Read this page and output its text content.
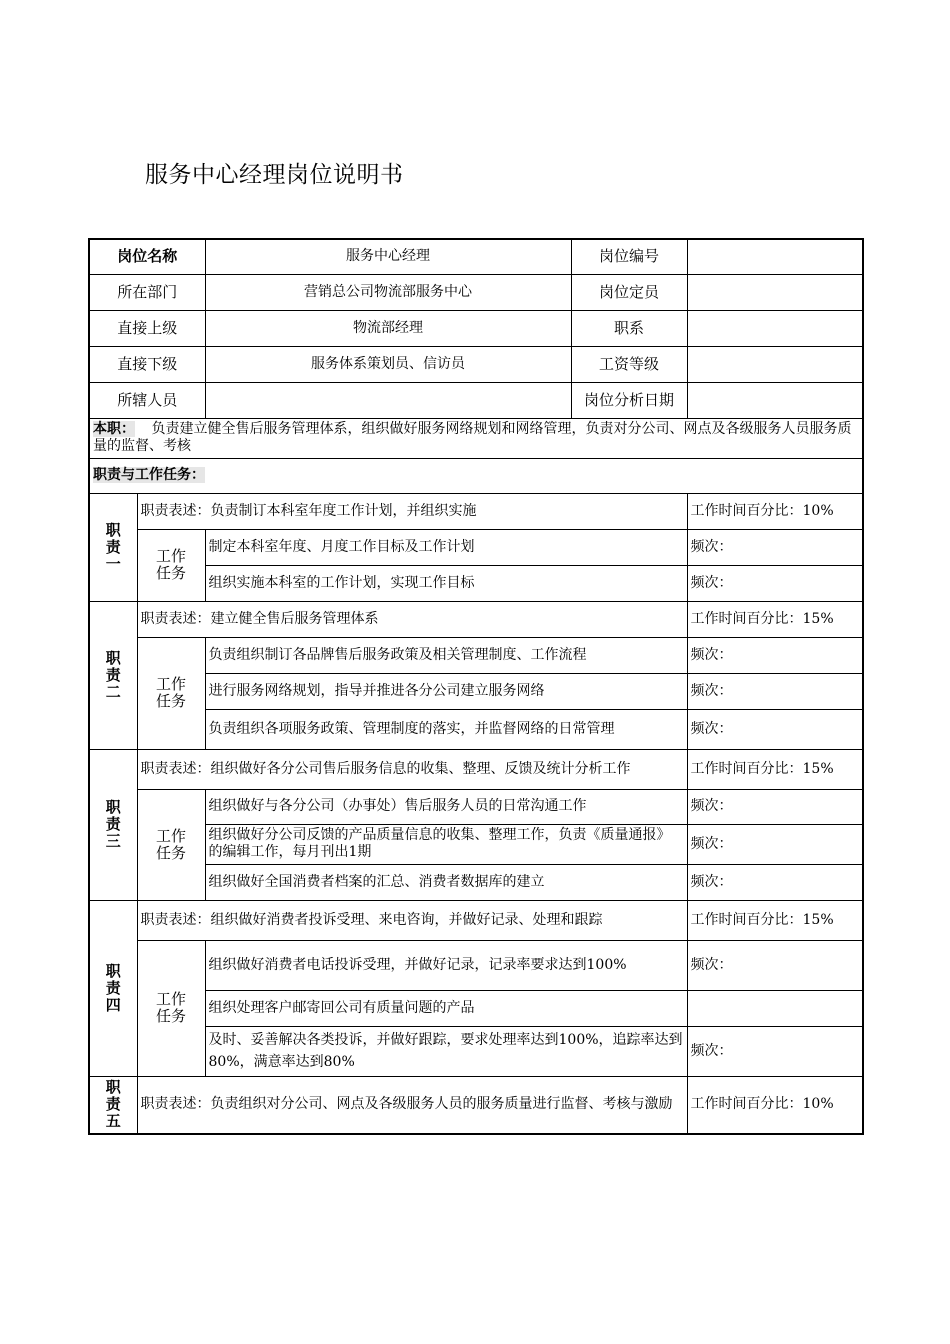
服务中心经理岗位说明书
岗位名称		服务中心经理	岗位编号	
所在部门		营销总公司物流部服务中心	岗位定员	
直接上级		物流部经理	职系	
直接下级		服务体系策划员、信访员	工资等级	
所辖人员			岗位分析日期	
本职： 负责建立健全售后服务管理体系，组织做好服务网络规划和网络管理，负责对分公司、网点及各级服务人员服务质量的监督、考核				
职责与工作任务：				

职
责
一	职责表述：负责制订本科室年度工作计划，并组织实施			工作时间百分比：10%

	工作
任务	制定本科室年度、月度工作目标及工作计划		频次：
		组织实施本科室的工作计划，实现工作目标		频次：

职
责
二	职责表述：建立健全售后服务管理体系			工作时间百分比：15%

	工作
任务	负责组织制订各品牌售后服务政策及相关管理制度、工作流程		频次：
		进行服务网络规划，指导并推进各分公司建立服务网络		频次：
		负责组织各项服务政策、管理制度的落实，并监督网络的日常管理		频次：

职
责
三	职责表述：组织做好各分公司售后服务信息的收集、整理、反馈及统计分析工作			工作时间百分比：15%

	工作
任务	组织做好与各分公司（办事处）售后服务人员的日常沟通工作		频次：
		组织做好分公司反馈的产品质量信息的收集、整理工作，负责《质量通报》的编辑工作，每月刊出1期		频次：
		组织做好全国消费者档案的汇总、消费者数据库的建立		频次：

职
责
四	职责表述：组织做好消费者投诉受理、来电咨询，并做好记录、处理和跟踪			工作时间百分比：15%

	工作
任务	组织做好消费者电话投诉受理，并做好记录，记录率要求达到100%		频次：
		组织处理客户邮寄回公司有质量问题的产品		
		及时、妥善解决各类投诉，并做好跟踪，要求处理率达到100%，追踪率达到80%，满意率达到80%		频次：

职
责
五	职责表述：负责组织对分公司、网点及各级服务人员的服务质量进行监督、考核与激励			工作时间百分比：10%
